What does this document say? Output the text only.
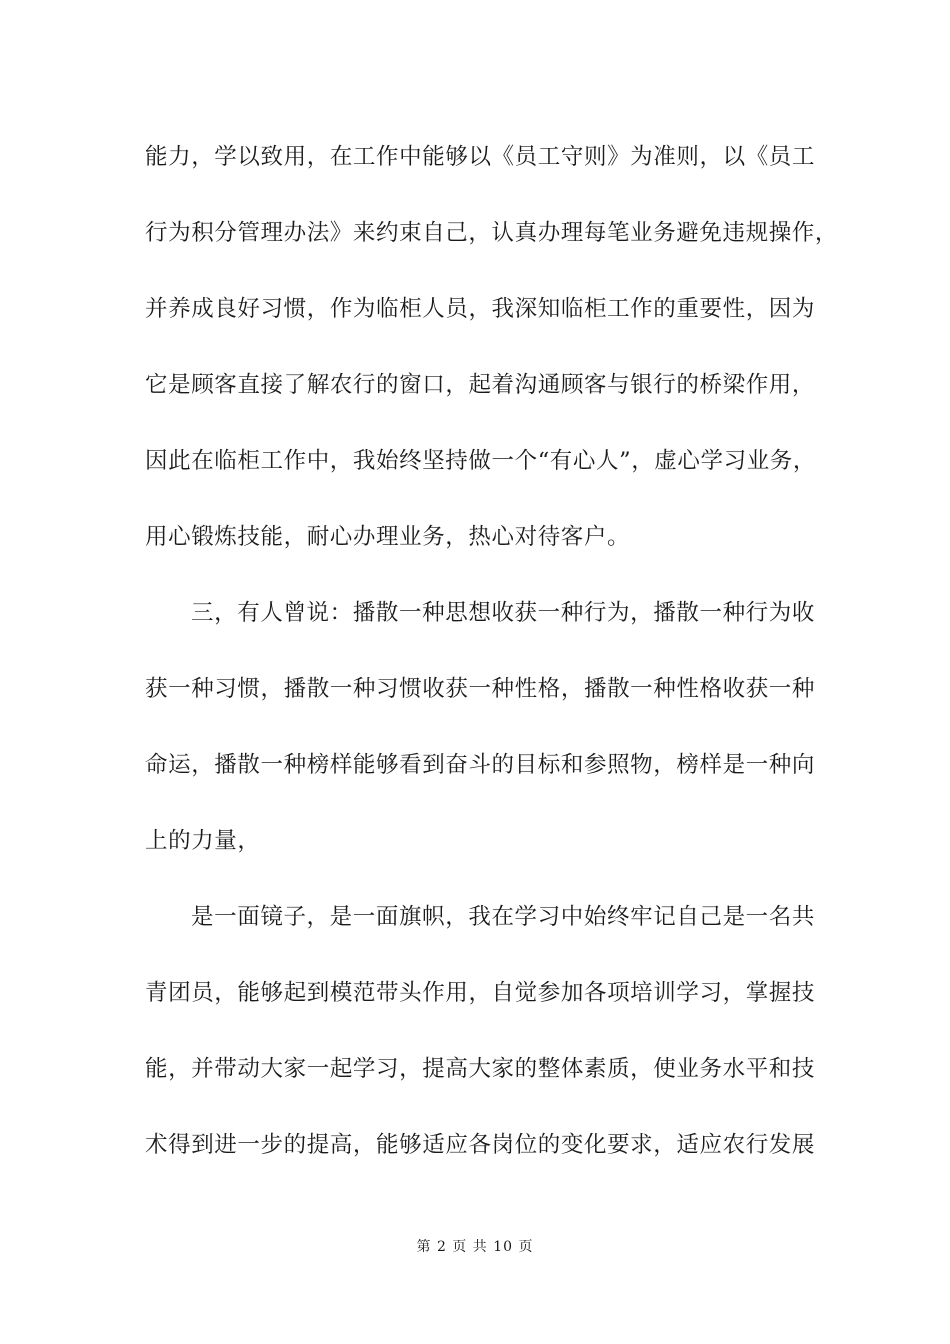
能力，学以致用，在工作中能够以《员工守则》为准则，以《员工
行为积分管理办法》来约束自己，认真办理每笔业务避免违规操作，
并养成良好习惯，作为临柜人员，我深知临柜工作的重要性，因为
它是顾客直接了解农行的窗口，起着沟通顾客与银行的桥梁作用，
因此在临柜工作中，我始终坚持做一个“有心人”，虚心学习业务，
用心锻炼技能，耐心办理业务，热心对待客户。
三，有人曾说：播散一种思想收获一种行为，播散一种行为收
获一种习惯，播散一种习惯收获一种性格，播散一种性格收获一种
命运，播散一种榜样能够看到奋斗的目标和参照物，榜样是一种向
上的力量，
是一面镜子，是一面旗帜，我在学习中始终牢记自己是一名共
青团员，能够起到模范带头作用，自觉参加各项培训学习，掌握技
能，并带动大家一起学习，提高大家的整体素质，使业务水平和技
术得到进一步的提高，能够适应各岗位的变化要求，适应农行发展
第 2 页 共 10 页
